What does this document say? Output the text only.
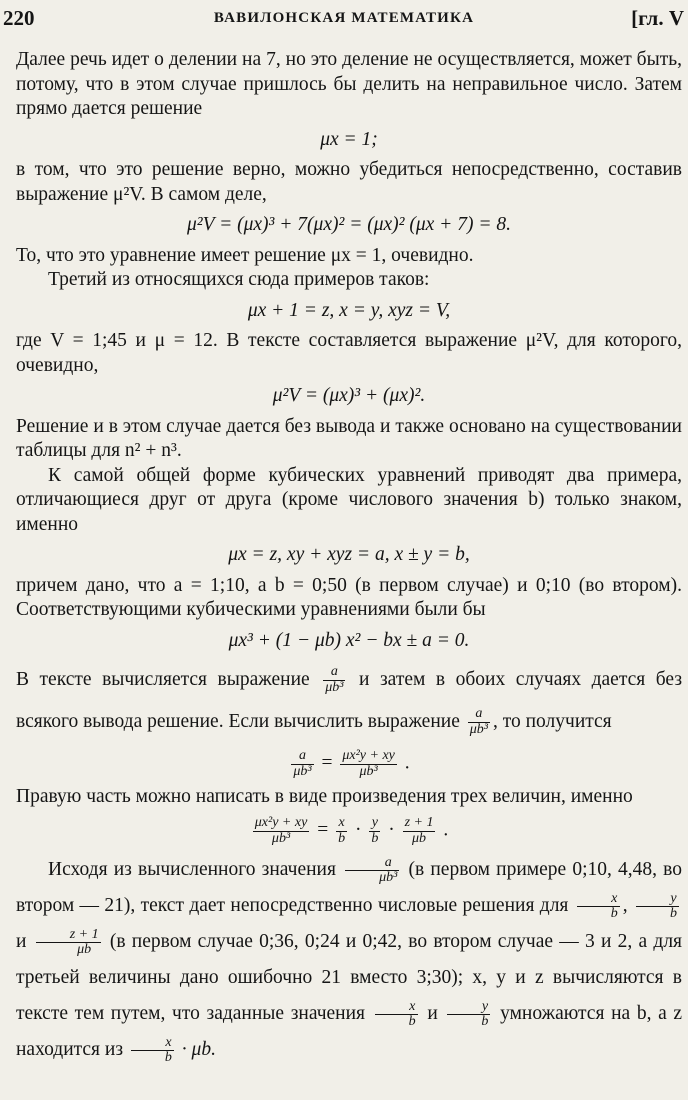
220	ВАВИЛОНСКАЯ МАТЕМАТИКА	[гл. V

Далее речь идет о делении на 7, но это деление не осуществляется, может быть, потому, что в этом случае пришлось бы делить на неправильное число. Затем прямо дается решение

μx = 1;

в том, что это решение верно, можно убедиться непосредственно, составив выражение μ²V. В самом деле,

μ²V = (μx)³ + 7(μx)² = (μx)² (μx + 7) = 8.

То, что это уравнение имеет решение μx = 1, очевидно.

Третий из относящихся сюда примеров таков:

μx + 1 = z, x = y, xyz = V,

где V = 1;45 и μ = 12. В тексте составляется выражение μ²V, для которого, очевидно,

μ²V = (μx)³ + (μx)².

Решение и в этом случае дается без вывода и также основано на существовании таблицы для n² + n³.

К самой общей форме кубических уравнений приводят два примера, отличающиеся друг от друга (кроме числового значения b) только знаком, именно

μx = z, xy + xyz = a, x ± y = b,

причем дано, что a = 1;10, a b = 0;50 (в первом случае) и 0;10 (во втором). Соответствующими кубическими уравнениями были бы

μx³ + (1 − μb) x² − bx ± a = 0.

В тексте вычисляется выражение $\frac{a}{\text{μb³}}$ и затем в обоих случаях дается без всякого вывода решение. Если вычислить выражение $\frac{a}{\text{μb³}}$ , то получится

$\frac{a}{\text{μb³}} = \frac{\text{μx²y + xy}}{\text{μb³}}$ .

Правую часть можно написать в виде произведения трех величин, именно

$\frac{\text{μx²y + xy}}{\text{μb³}} = \frac{x}{b} \cdot \frac{y}{b} \cdot \frac{z + 1}{\mu b}$ .

Исходя из вычисленного значения $\frac{a}{\text{μb³}} (в$ первом примере 0;10, 4,48, во втором — 21), текст дает непосредственно числовые решения для $\frac{x}{b}$ , $\frac{y}{b}$
и $\frac{z + 1}{\mu b} (в$ первом случае 0;36, 0;24 и 0;42, во втором случае — 3 и 2, а для третьей величины дано ошибочно 21 вместо 3;30); x, y и z вычисляются в тексте тем путем, что заданные значения $\frac{x}{b}$ и $\frac{y}{b}$ умножаются на b, а z находится из $\frac{x}{b} \cdot \mu b$.
